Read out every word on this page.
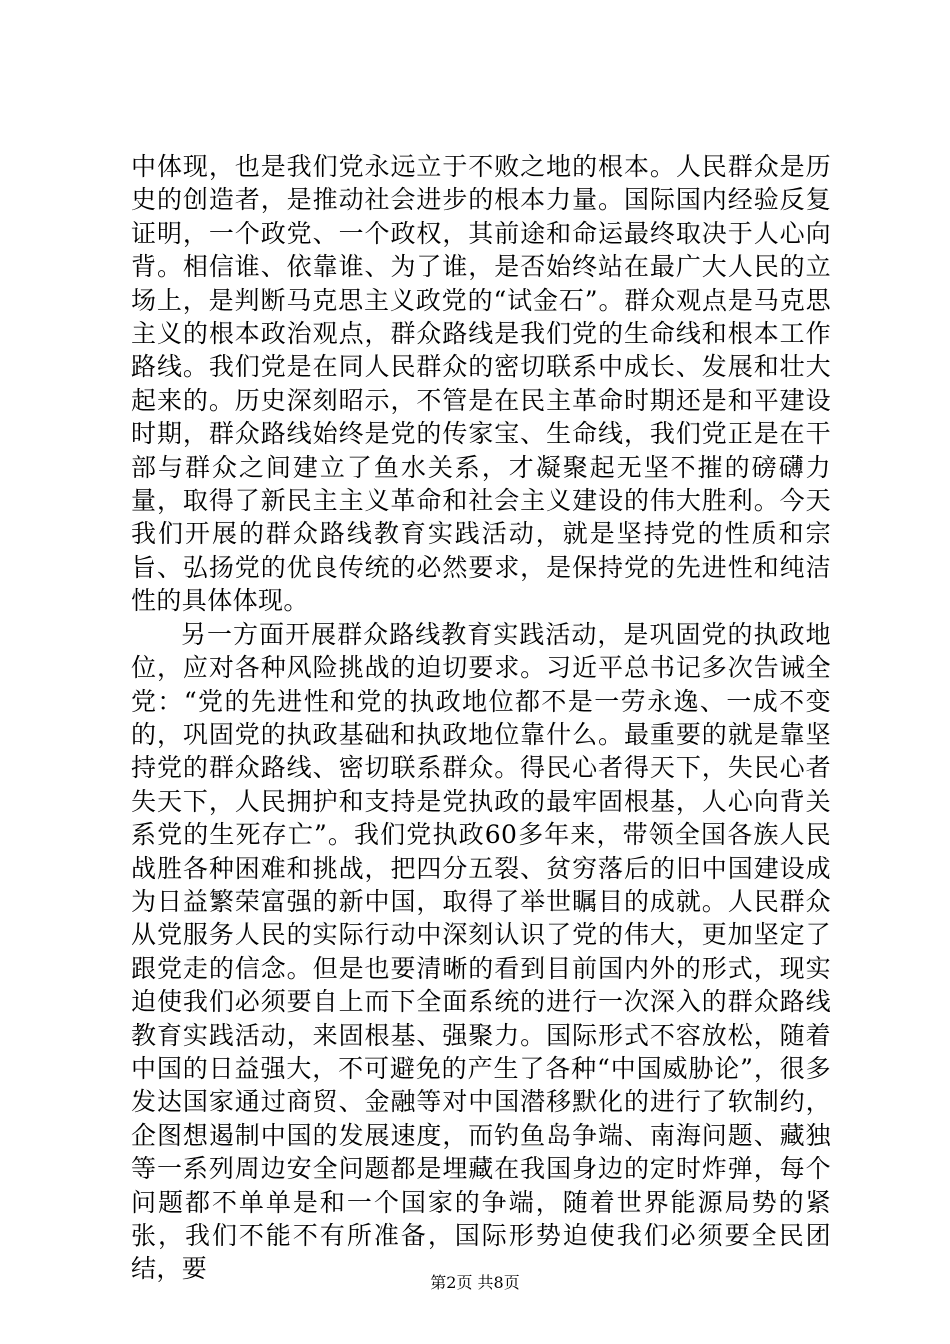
中体现，也是我们党永远立于不败之地的根本。人民群众是历史的创造者，是推动社会进步的根本力量。国际国内经验反复证明，一个政党、一个政权，其前途和命运最终取决于人心向背。相信谁、依靠谁、为了谁，是否始终站在最广大人民的立场上，是判断马克思主义政党的“试金石”。群众观点是马克思主义的根本政治观点，群众路线是我们党的生命线和根本工作路线。我们党是在同人民群众的密切联系中成长、发展和壮大起来的。历史深刻昭示，不管是在民主革命时期还是和平建设时期，群众路线始终是党的传家宝、生命线，我们党正是在干部与群众之间建立了鱼水关系，才凝聚起无坚不摧的磅礴力量，取得了新民主主义革命和社会主义建设的伟大胜利。今天我们开展的群众路线教育实践活动，就是坚持党的性质和宗旨、弘扬党的优良传统的必然要求，是保持党的先进性和纯洁性的具体体现。

另一方面开展群众路线教育实践活动，是巩固党的执政地位，应对各种风险挑战的迫切要求。习近平总书记多次告诫全党：“党的先进性和党的执政地位都不是一劳永逸、一成不变的，巩固党的执政基础和执政地位靠什么。最重要的就是靠坚持党的群众路线、密切联系群众。得民心者得天下，失民心者失天下，人民拥护和支持是党执政的最牢固根基，人心向背关系党的生死存亡”。我们党执政60多年来，带领全国各族人民战胜各种困难和挑战，把四分五裂、贫穷落后的旧中国建设成为日益繁荣富强的新中国，取得了举世瞩目的成就。人民群众从党服务人民的实际行动中深刻认识了党的伟大，更加坚定了跟党走的信念。但是也要清晰的看到目前国内外的形式，现实迫使我们必须要自上而下全面系统的进行一次深入的群众路线教育实践活动，来固根基、强聚力。国际形式不容放松，随着中国的日益强大，不可避免的产生了各种“中国威胁论”，很多发达国家通过商贸、金融等对中国潜移默化的进行了软制约，企图想遏制中国的发展速度，而钓鱼岛争端、南海问题、藏独等一系列周边安全问题都是埋藏在我国身边的定时炸弹，每个问题都不单单是和一个国家的争端，随着世界能源局势的紧张，我们不能不有所准备，国际形势迫使我们必须要全民团结，要	第2页 共8页
